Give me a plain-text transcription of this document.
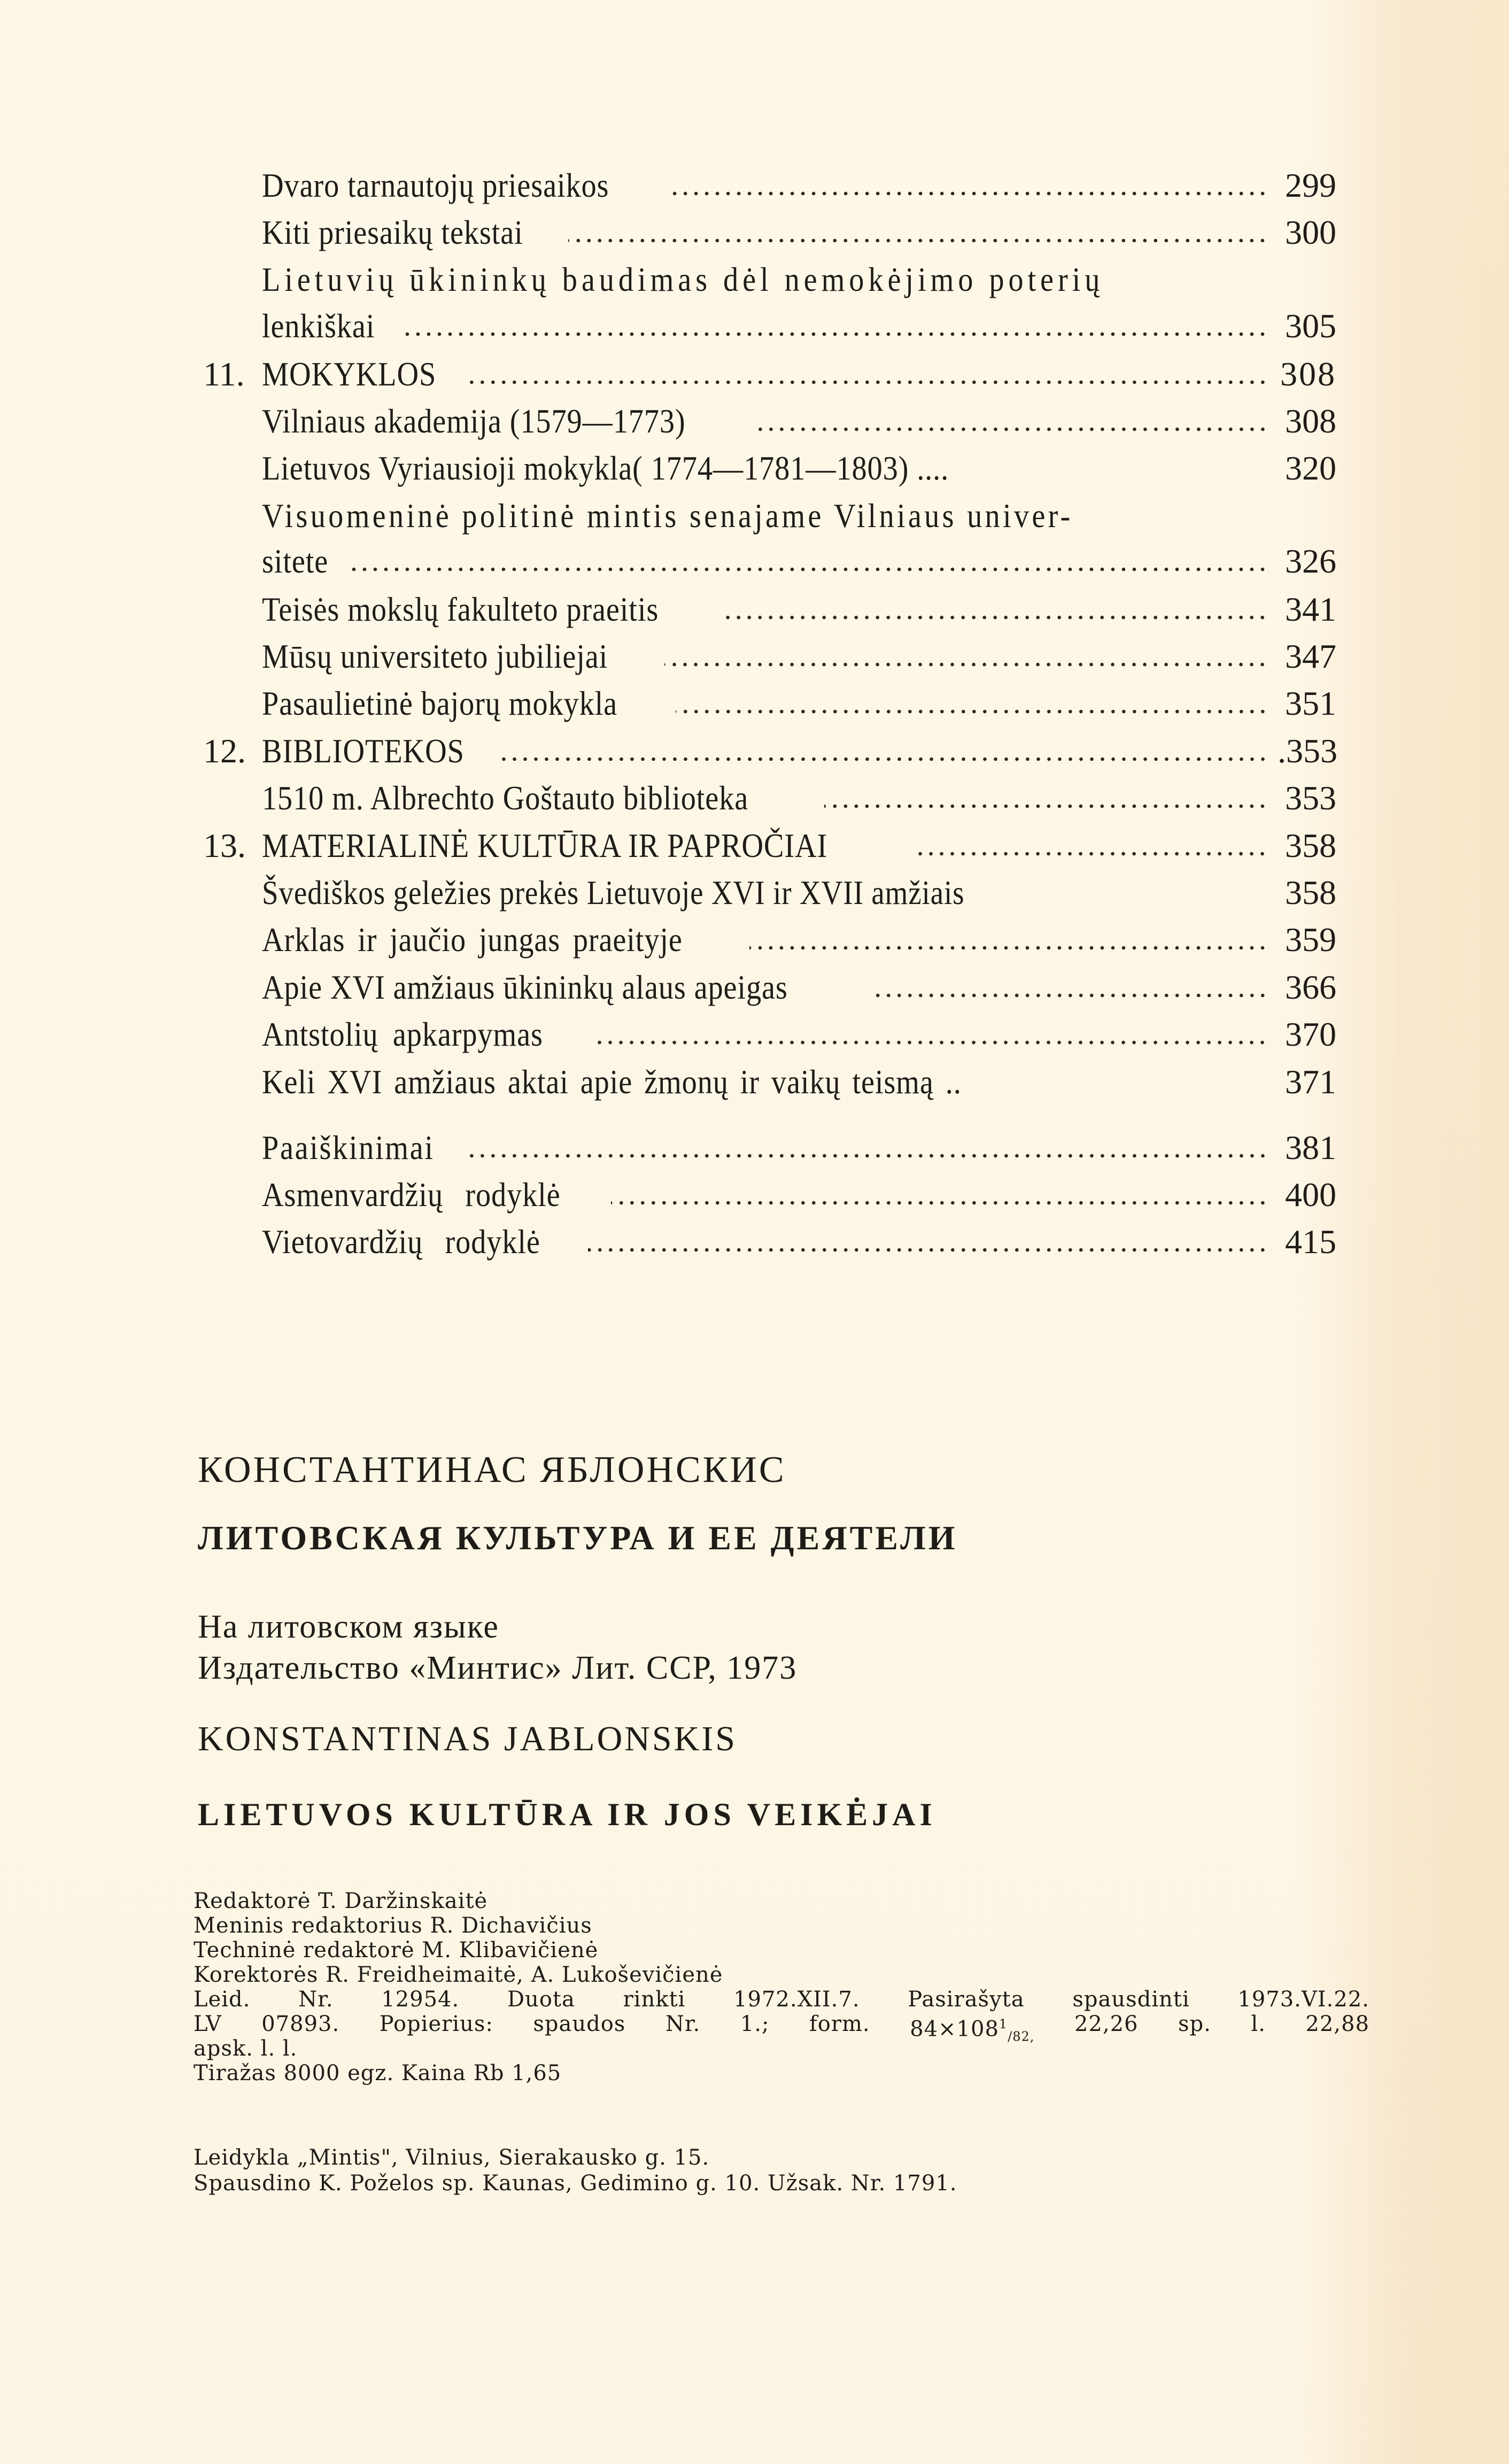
Dvaro tarnautojų priesaikos	299
Kiti priesaikų tekstai	300
Lietuvių ūkininkų baudimas dėl nemokėjimo poterių
lenkiškai	305
11. MOKYKLOS	308
Vilniaus akademija (1579—1773)	308
Lietuvos Vyriausioji mokykla( 1774—1781—1803) ....	320
Visuomeninė politinė mintis senajame Vilniaus univer-
sitete	326
Teisės mokslų fakulteto praeitis	341
Mūsų universiteto jubiliejai	347
Pasaulietinė bajorų mokykla	351
12. BIBLIOTEKOS	.353
1510 m. Albrechto Goštauto biblioteka	353
13. MATERIALINĖ KULTŪRA IR PAPROČIAI	358
Švediškos geležies prekės Lietuvoje XVI ir XVII amžiais	358
Arklas ir jaučio jungas praeityje	359
Apie XVI amžiaus ūkininkų alaus apeigas	366
Antstolių apkarpymas	370
Keli XVI amžiaus aktai apie žmonų ir vaikų teismą ..	371
Paaiškinimai	381
Asmenvardžių rodyklė	400
Vietovardžių rodyklė	415
КОНСТАНТИНАС ЯБЛОНСКИС
ЛИТОВСКАЯ КУЛЬТУРА И ЕЕ ДЕЯТЕЛИ
На литовском языке
Издательство «Минтис» Лит. ССР, 1973
KONSTANTINAS JABLONSKIS
LIETUVOS KULTŪRA IR JOS VEIKĖJAI
Redaktorė T. Daržinskaitė
Meninis redaktorius R. Dichavičius
Techninė redaktorė M. Klibavičienė
Korektorės R. Freidheimaitė, A. Lukoševičienė
Leid. Nr. 12954. Duota rinkti 1972.XII.7. Pasirašyta spausdinti 1973.VI.22.
LV 07893. Popierius: spaudos Nr. 1.; form. $84\times 108^1_{/82,}$
22,26 sp. l. 22,88
apsk. l. l.
Tiražas 8000 egz. Kaina Rb 1,65
Leidykla „Mintis", Vilnius, Sierakausko g. 15.
Spausdino K. Poželos sp. Kaunas, Gedimino g. 10. Užsak. Nr. 1791.
